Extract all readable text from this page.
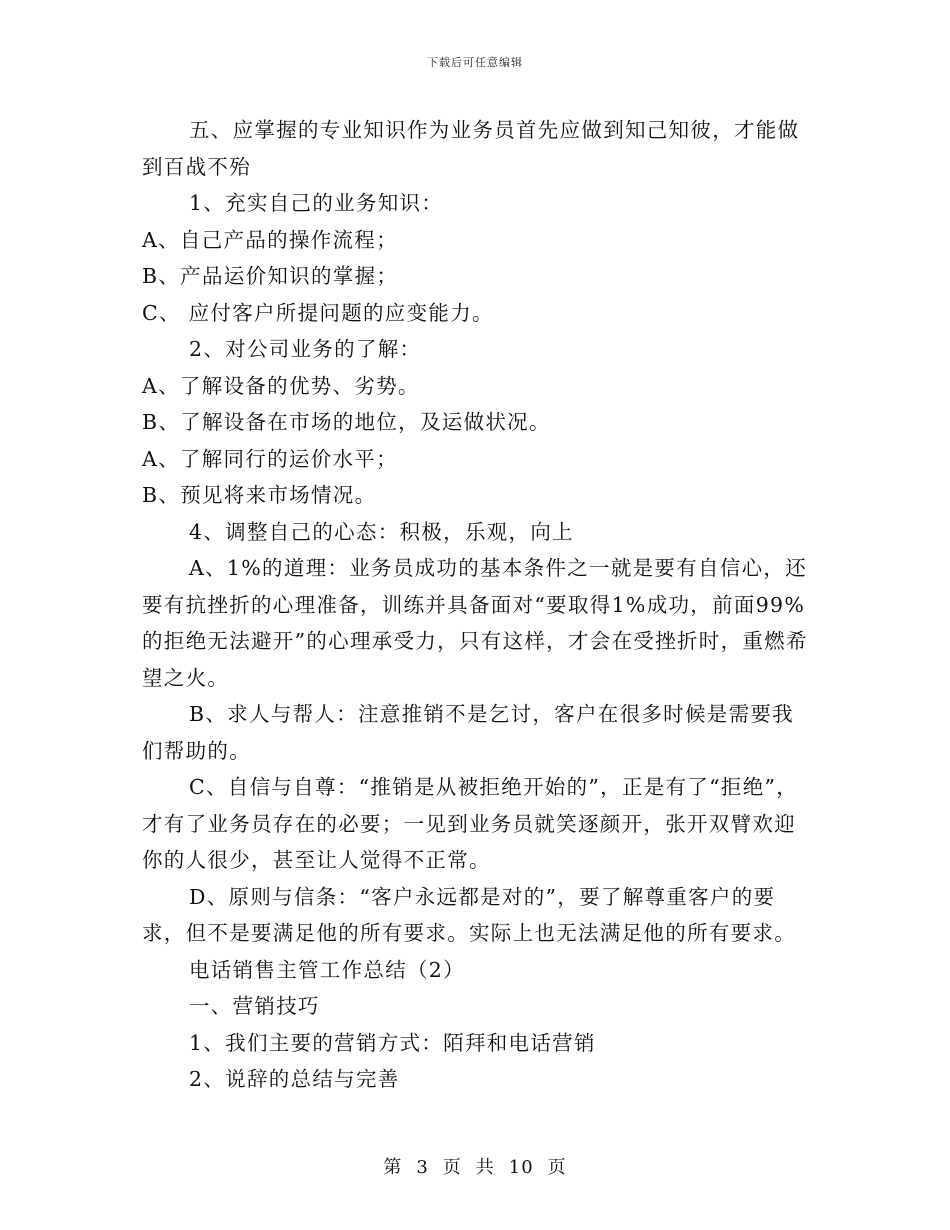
下载后可任意编辑

五、应掌握的专业知识作为业务员首先应做到知己知彼，才能做到百战不殆

1、充实自己的业务知识：

A、自己产品的操作流程；

B、产品运价知识的掌握；

C、 应付客户所提问题的应变能力。

2、对公司业务的了解：

A、了解设备的优势、劣势。

B、了解设备在市场的地位，及运做状况。

A、了解同行的运价水平；

B、预见将来市场情况。

4、调整自己的心态：积极，乐观，向上

A、1%的道理：业务员成功的基本条件之一就是要有自信心，还要有抗挫折的心理准备，训练并具备面对“要取得1%成功，前面99%的拒绝无法避开”的心理承受力，只有这样，才会在受挫折时，重燃希望之火。

B、求人与帮人：注意推销不是乞讨，客户在很多时候是需要我们帮助的。

C、自信与自尊：“推销是从被拒绝开始的”，正是有了“拒绝”，才有了业务员存在的必要；一见到业务员就笑逐颜开，张开双臂欢迎你的人很少，甚至让人觉得不正常。

D、原则与信条：“客户永远都是对的”，要了解尊重客户的要求，但不是要满足他的所有要求。实际上也无法满足他的所有要求。

电话销售主管工作总结（2）

一、营销技巧

1、我们主要的营销方式：陌拜和电话营销

2、说辞的总结与完善

第 3 页 共 10 页
